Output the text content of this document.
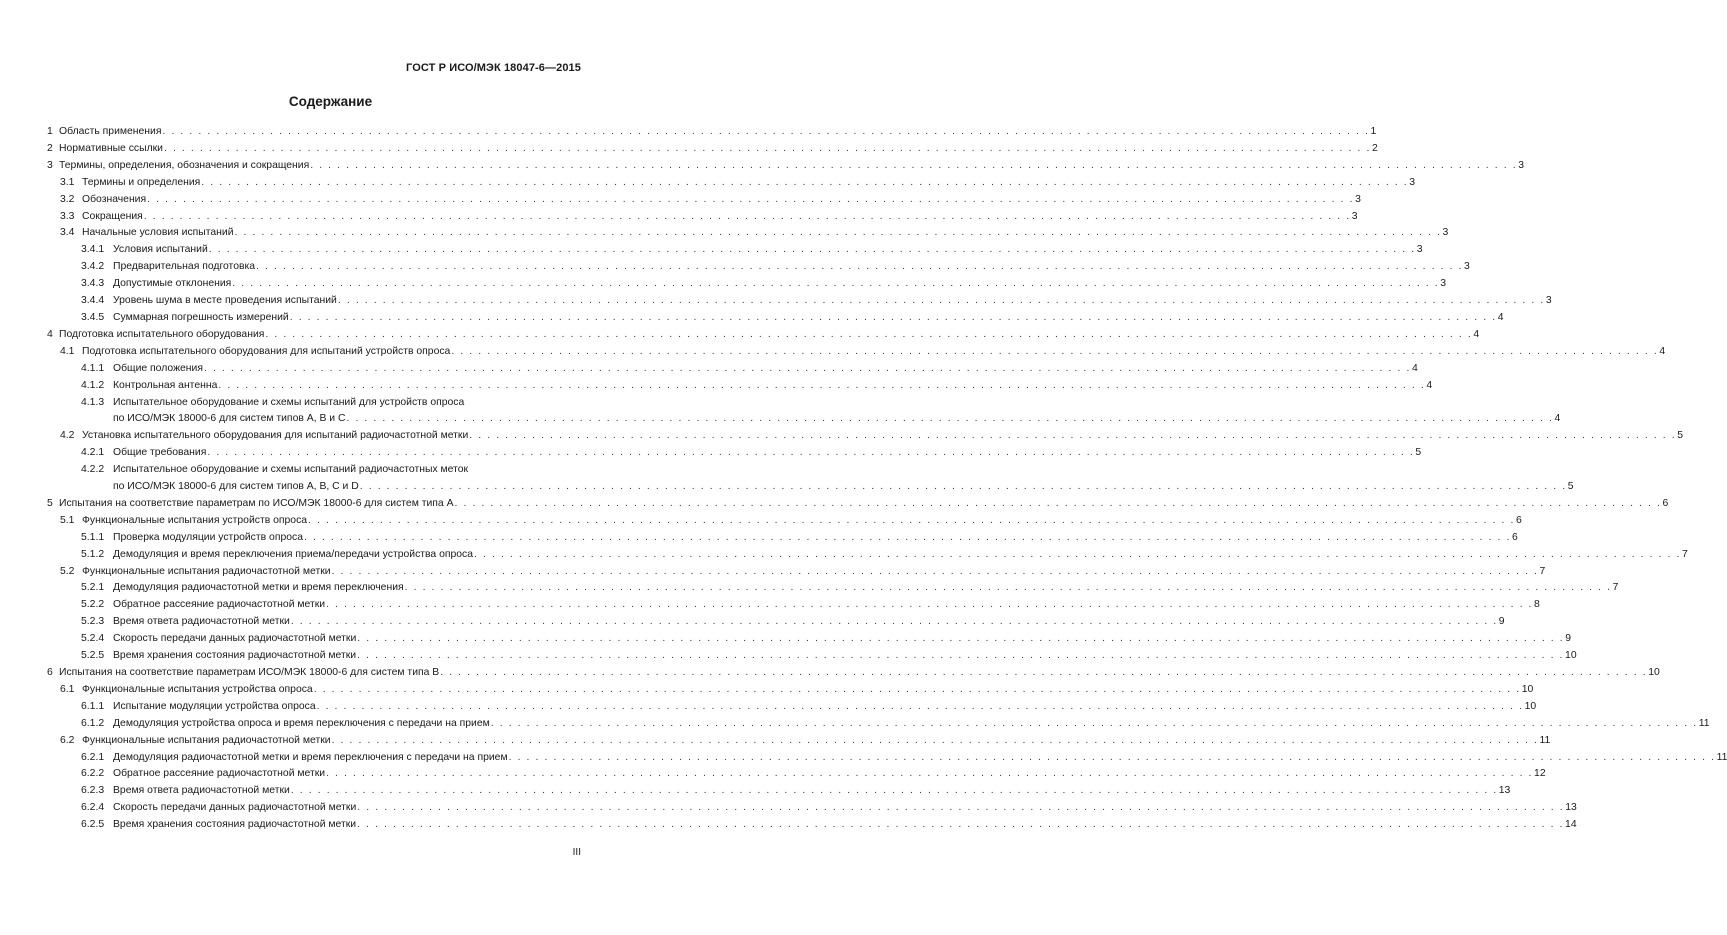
ГОСТ Р ИСО/МЭК 18047-6—2015
Содержание
1 Область применения . . .	1
2 Нормативные ссылки . . .	2
3 Термины, определения, обозначения и сокращения . . .	3
3.1 Термины и определения . . .	3
3.2 Обозначения . . .	3
3.3 Сокращения . . .	3
3.4 Начальные условия испытаний . . .	3
3.4.1 Условия испытаний . . .	3
3.4.2 Предварительная подготовка . . .	3
3.4.3 Допустимые отклонения . . .	3
3.4.4 Уровень шума в месте проведения испытаний . . .	3
3.4.5 Суммарная погрешность измерений . . .	4
4 Подготовка испытательного оборудования . . .	4
4.1 Подготовка испытательного оборудования для испытаний устройств опроса . . .	4
4.1.1 Общие положения . . .	4
4.1.2 Контрольная антенна . . .	4
4.1.3 Испытательное оборудование и схемы испытаний для устройств опроса
по ИСО/МЭК 18000-6 для систем типов A, B и C . . .	4
4.2 Установка испытательного оборудования для испытаний радиочастотной метки . . .	5
4.2.1 Общие требования . . .	5
4.2.2 Испытательное оборудование и схемы испытаний радиочастотных меток
по ИСО/МЭК 18000-6 для систем типов A, B, C и D . . .	5
5 Испытания на соответствие параметрам по ИСО/МЭК 18000-6 для систем типа А . . .	6
5.1 Функциональные испытания устройств опроса . . .	6
5.1.1 Проверка модуляции устройств опроса . . .	6
5.1.2 Демодуляция и время переключения приема/передачи устройства опроса . . .	7
5.2 Функциональные испытания радиочастотной метки . . .	7
5.2.1 Демодуляция радиочастотной метки и время переключения . . .	7
5.2.2 Обратное рассеяние радиочастотной метки . . .	8
5.2.3 Время ответа радиочастотной метки . . .	9
5.2.4 Скорость передачи данных радиочастотной метки . . .	9
5.2.5 Время хранения состояния радиочастотной метки . . .	10
6 Испытания на соответствие параметрам ИСО/МЭК 18000-6 для систем типа В . . .	10
6.1 Функциональные испытания устройства опроса . . .	10
6.1.1 Испытание модуляции устройства опроса . . .	10
6.1.2 Демодуляция устройства опроса и время переключения с передачи на прием . . .	11
6.2 Функциональные испытания радиочастотной метки . . .	11
6.2.1 Демодуляция радиочастотной метки и время переключения с передачи на прием . . .	11
6.2.2 Обратное рассеяние радиочастотной метки . . .	12
6.2.3 Время ответа радиочастотной метки . . .	13
6.2.4 Скорость передачи данных радиочастотной метки . . .	13
6.2.5 Время хранения состояния радиочастотной метки . . .	14
III
